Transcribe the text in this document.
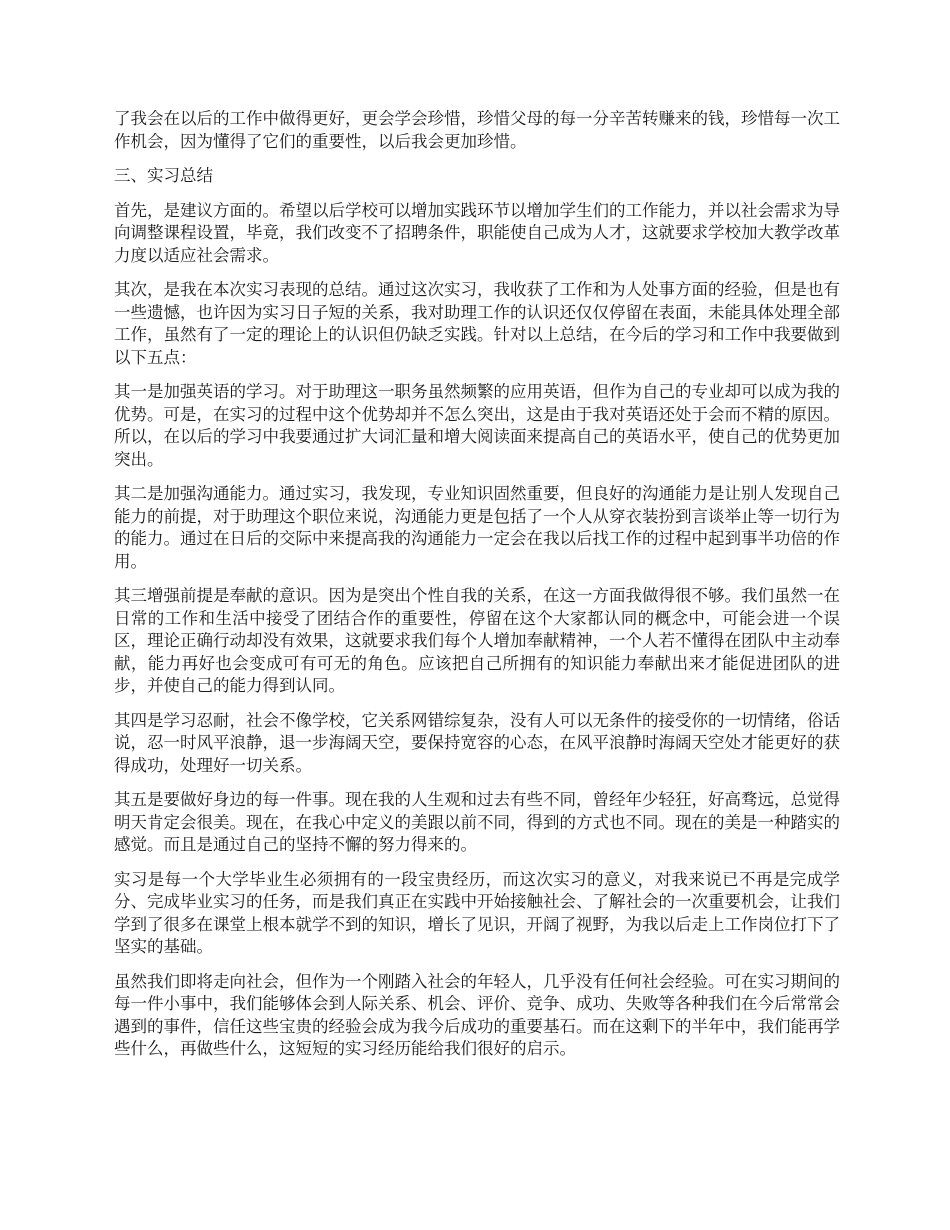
了我会在以后的工作中做得更好，更会学会珍惜，珍惜父母的每一分辛苦转赚来的钱，珍惜每一次工作机会，因为懂得了它们的重要性，以后我会更加珍惜。

三、实习总结

首先，是建议方面的。希望以后学校可以增加实践环节以增加学生们的工作能力，并以社会需求为导向调整课程设置，毕竟，我们改变不了招聘条件，职能使自己成为人才，这就要求学校加大教学改革力度以适应社会需求。

其次，是我在本次实习表现的总结。通过这次实习，我收获了工作和为人处事方面的经验，但是也有一些遗憾，也许因为实习日子短的关系，我对助理工作的认识还仅仅停留在表面，未能具体处理全部工作，虽然有了一定的理论上的认识但仍缺乏实践。针对以上总结，在今后的学习和工作中我要做到以下五点：

其一是加强英语的学习。对于助理这一职务虽然频繁的应用英语，但作为自己的专业却可以成为我的优势。可是，在实习的过程中这个优势却并不怎么突出，这是由于我对英语还处于会而不精的原因。所以，在以后的学习中我要通过扩大词汇量和增大阅读面来提高自己的英语水平，使自己的优势更加突出。

其二是加强沟通能力。通过实习，我发现，专业知识固然重要，但良好的沟通能力是让别人发现自己能力的前提，对于助理这个职位来说，沟通能力更是包括了一个人从穿衣装扮到言谈举止等一切行为的能力。通过在日后的交际中来提高我的沟通能力一定会在我以后找工作的过程中起到事半功倍的作用。

其三增强前提是奉献的意识。因为是突出个性自我的关系，在这一方面我做得很不够。我们虽然一在日常的工作和生活中接受了团结合作的重要性，停留在这个大家都认同的概念中，可能会进一个误区，理论正确行动却没有效果，这就要求我们每个人增加奉献精神，一个人若不懂得在团队中主动奉献，能力再好也会变成可有可无的角色。应该把自己所拥有的知识能力奉献出来才能促进团队的进步，并使自己的能力得到认同。

其四是学习忍耐，社会不像学校，它关系网错综复杂，没有人可以无条件的接受你的一切情绪，俗话说，忍一时风平浪静，退一步海阔天空，要保持宽容的心态，在风平浪静时海阔天空处才能更好的获得成功，处理好一切关系。

其五是要做好身边的每一件事。现在我的人生观和过去有些不同，曾经年少轻狂，好高骛远，总觉得明天肯定会很美。现在，在我心中定义的美跟以前不同，得到的方式也不同。现在的美是一种踏实的感觉。而且是通过自己的坚持不懈的努力得来的。

实习是每一个大学毕业生必须拥有的一段宝贵经历，而这次实习的意义，对我来说已不再是完成学分、完成毕业实习的任务，而是我们真正在实践中开始接触社会、了解社会的一次重要机会，让我们学到了很多在课堂上根本就学不到的知识，增长了见识，开阔了视野，为我以后走上工作岗位打下了坚实的基础。

虽然我们即将走向社会，但作为一个刚踏入社会的年轻人，几乎没有任何社会经验。可在实习期间的每一件小事中，我们能够体会到人际关系、机会、评价、竞争、成功、失败等各种我们在今后常常会遇到的事件，信任这些宝贵的经验会成为我今后成功的重要基石。而在这剩下的半年中，我们能再学些什么，再做些什么，这短短的实习经历能给我们很好的启示。
